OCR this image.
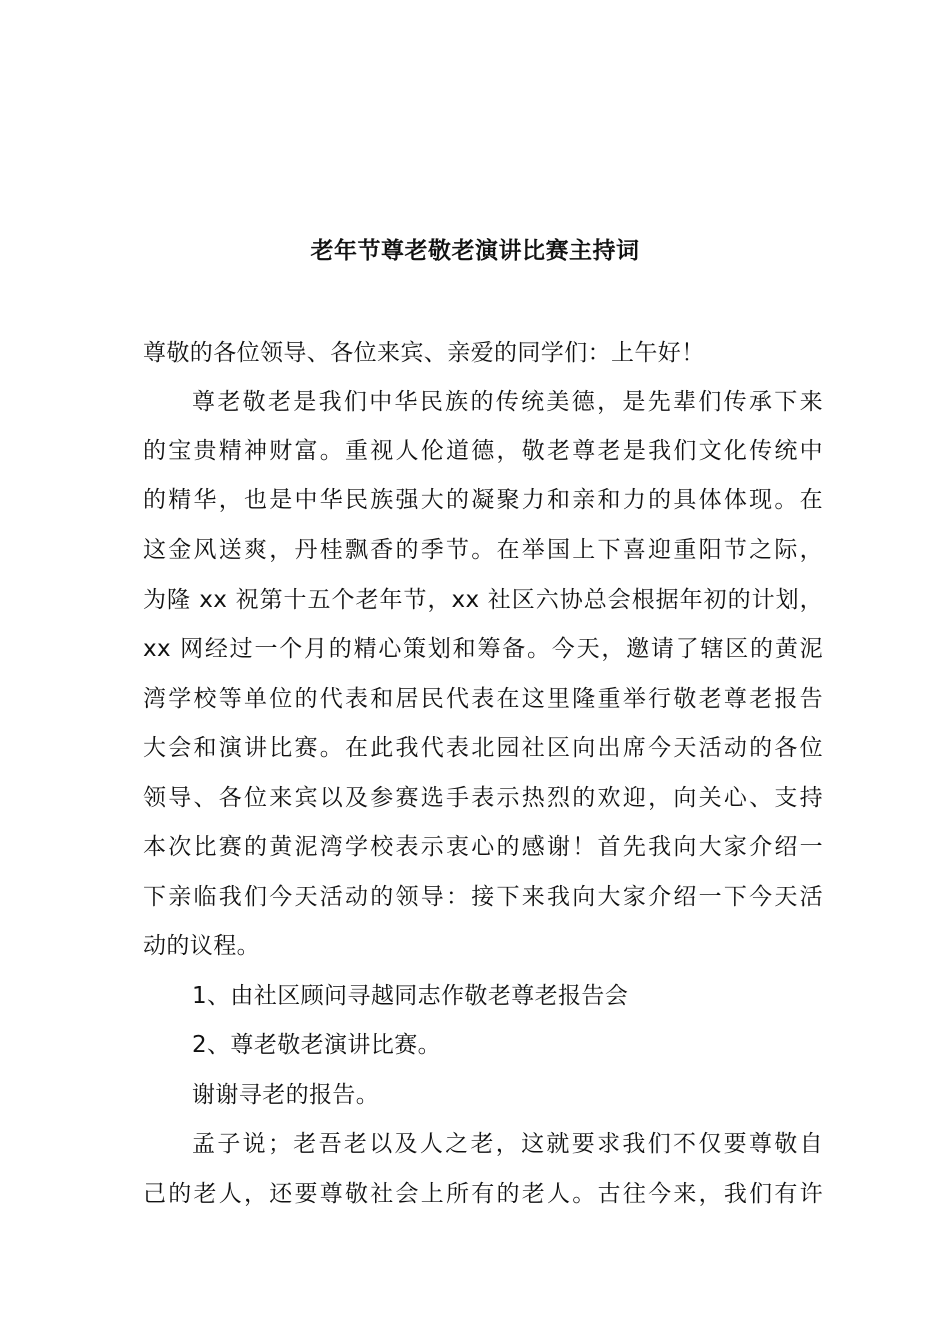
老年节尊老敬老演讲比赛主持词
尊敬的各位领导、各位来宾、亲爱的同学们：上午好！
尊老敬老是我们中华民族的传统美德，是先辈们传承下来
的宝贵精神财富。重视人伦道德，敬老尊老是我们文化传统中
的精华，也是中华民族强大的凝聚力和亲和力的具体体现。在
这金风送爽，丹桂飘香的季节。在举国上下喜迎重阳节之际，
为隆 xx 祝第十五个老年节，xx 社区六协总会根据年初的计划，
xx 网经过一个月的精心策划和筹备。今天，邀请了辖区的黄泥
湾学校等单位的代表和居民代表在这里隆重举行敬老尊老报告
大会和演讲比赛。在此我代表北园社区向出席今天活动的各位
领导、各位来宾以及参赛选手表示热烈的欢迎，向关心、支持
本次比赛的黄泥湾学校表示衷心的感谢！首先我向大家介绍一
下亲临我们今天活动的领导：接下来我向大家介绍一下今天活
动的议程。
1、由社区顾问寻越同志作敬老尊老报告会
2、尊老敬老演讲比赛。
谢谢寻老的报告。
孟子说；老吾老以及人之老，这就要求我们不仅要尊敬自
己的老人，还要尊敬社会上所有的老人。古往今来，我们有许
